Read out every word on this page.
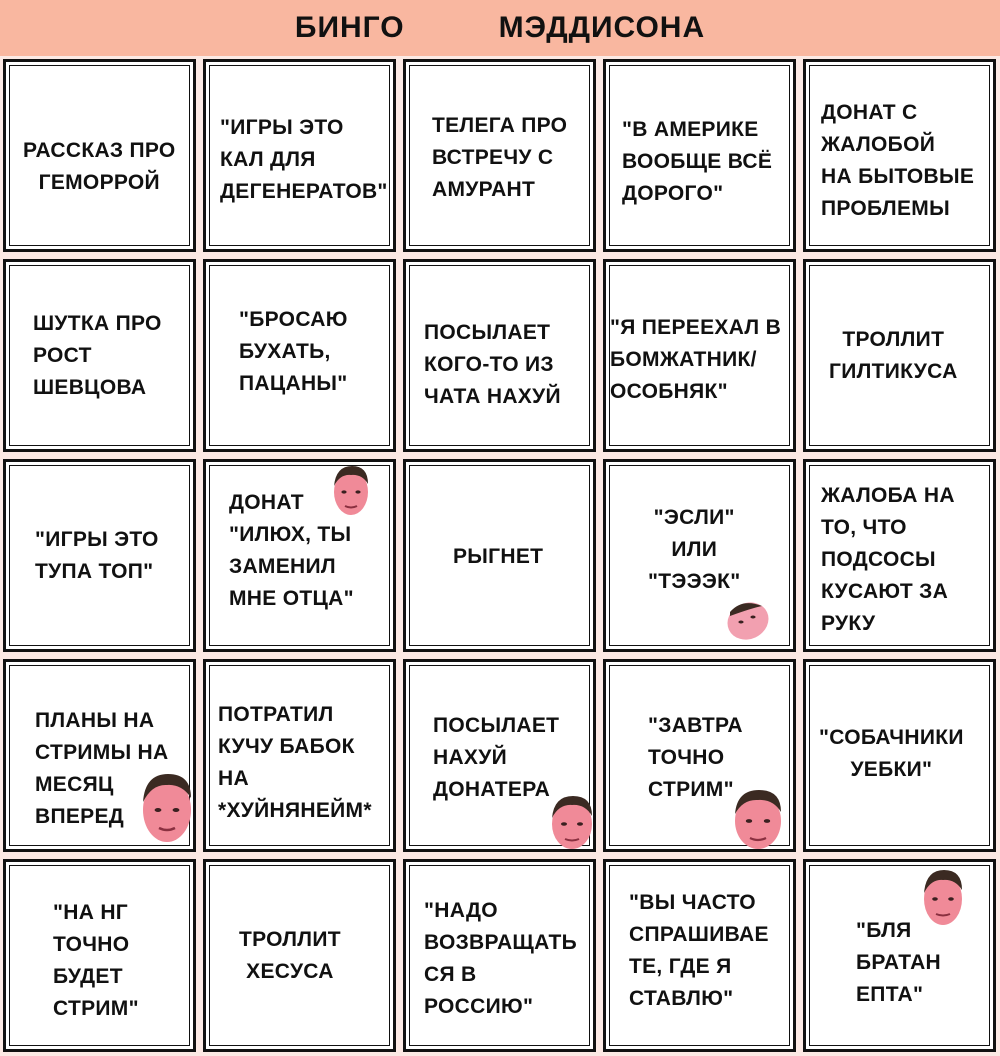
БИНГО   МЭДДИСОНА
РАССКАЗ ПРО
ГЕМОРРОЙ
"ИГРЫ ЭТО
КАЛ ДЛЯ
ДЕГЕНЕРАТОВ"
ТЕЛЕГА ПРО
ВСТРЕЧУ С
АМУРАНТ
"В АМЕРИКЕ
ВООБЩЕ ВСЁ
ДОРОГО"
ДОНАТ С
ЖАЛОБОЙ
НА БЫТОВЫЕ
ПРОБЛЕМЫ
ШУТКА ПРО
РОСТ
ШЕВЦОВА
"БРОСАЮ
БУХАТЬ,
ПАЦАНЫ"
ПОСЫЛАЕТ
КОГО-ТО ИЗ
ЧАТА НАХУЙ
"Я ПЕРЕЕХАЛ В
БОМЖАТНИК/
ОСОБНЯК"
ТРОЛЛИТ
ГИЛТИКУСА
"ИГРЫ ЭТО
ТУПА ТОП"
ДОНАТ
"ИЛЮХ, ТЫ
ЗАМЕНИЛ
МНЕ ОТЦА"
РЫГНЕТ
"ЭСЛИ"
ИЛИ
"ТЭЭЭК"
ЖАЛОБА НА
ТО, ЧТО
ПОДСОСЫ
КУСАЮТ ЗА
РУКУ
ПЛАНЫ НА
СТРИМЫ НА
МЕСЯЦ
ВПЕРЕД
ПОТРАТИЛ
КУЧУ БАБОК
НА
*ХУЙНЯНЕЙМ*
ПОСЫЛАЕТ
НАХУЙ
ДОНАТЕРА
"ЗАВТРА
ТОЧНО
СТРИМ"
"СОБАЧНИКИ
УЕБКИ"
"НА НГ
ТОЧНО
БУДЕТ
СТРИМ"
ТРОЛЛИТ
ХЕСУСА
"НАДО
ВОЗВРАЩАТЬ
СЯ В
РОССИЮ"
"ВЫ ЧАСТО
СПРАШИВАЕ
ТЕ, ГДЕ Я
СТАВЛЮ"
"БЛЯ
БРАТАН
ЕПТА"
